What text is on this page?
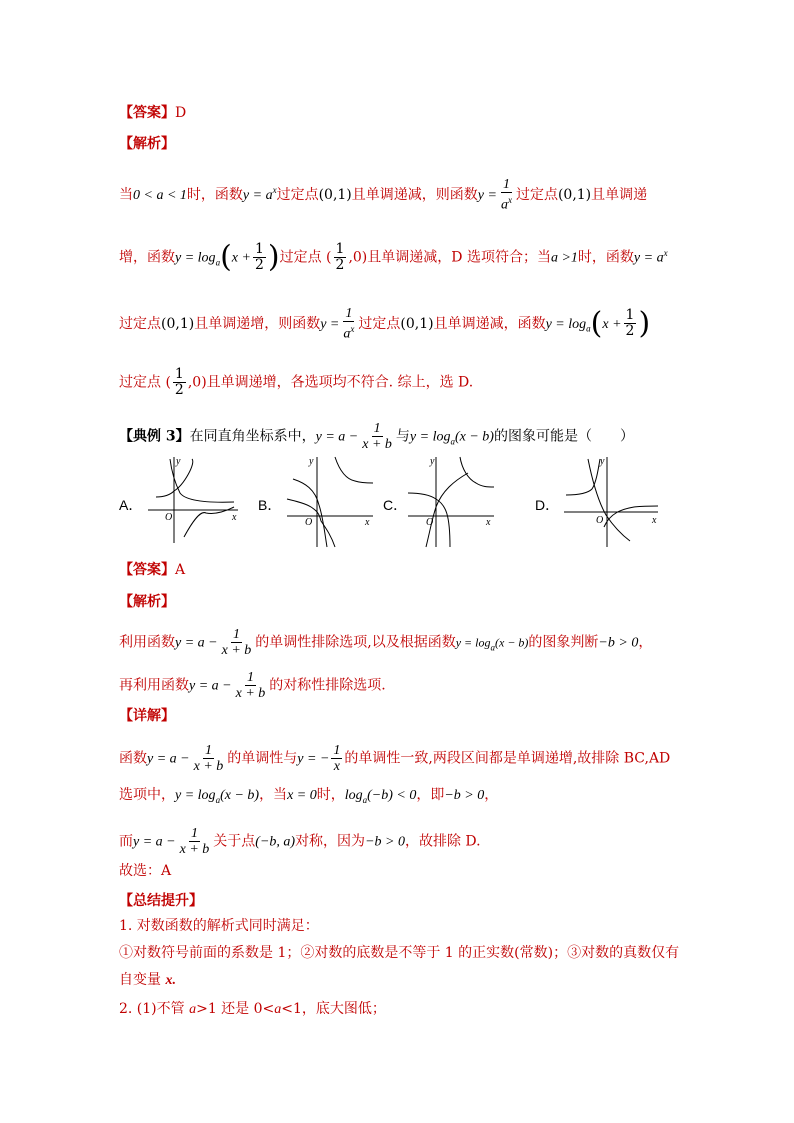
【答案】D
【解析】
当0 < a < 1时，函数$y = a^x$过定点(0,1)且单调递减，则函数$y = \frac{1}{a^x}$ 过定点(0,1)且单调递
增，函数$y = \log_a(x + \frac{1}{2}$ )过定点 ( $\frac{1}{2} ,0$)且单调递减，D 选项符合；当a >1时，函数$y = a^x$
过定点(0,1)且单调递增，则函数$y = \frac{1}{a^x}$ 过定点(0,1)且单调递减，函数$y = \log_a(x + \frac{1}{2}$ )
过定点 ( $\frac{1}{2} ,0$)且单调递增，各选项均不符合. 综上，选 D.
【典例 3】在同直角坐标系中，$y = a - \frac{1}{x + b}$ 与$y = \log_a(x - b)$的图象可能是（　　）
A．	B．	C．	D．
y
x
O
y
x
O
y
x
O
y
x
O
【答案】A
【解析】
利用函数$y = a - \frac{1}{x + b}$ 的单调性排除选项,以及根据函数$y = \log_a(x - b)$的图象判断−b > 0，
再利用函数$y = a - \frac{1}{x + b}$ 的对称性排除选项.
【详解】
函数$y = a - \frac{1}{x + b}$ 的单调性与y = − $\frac{1}{x}$ 的单调性一致,两段区间都是单调递增,故排除 BC,AD
选项中，$y = \log_a(x - b)$，当x = 0时，$\log_a(-b) < 0$，即−b > 0，
而$y = a - \frac{1}{x + b}$ 关于点(−b, a)对称，因为−b > 0，故排除 D.
故选：A
【总结提升】
1. 对数函数的解析式同时满足：
①对数符号前面的系数是 1；②对数的底数是不等于 1 的正实数(常数)；③对数的真数仅有
自变量 x.
2. (1)不管 a>1 还是 0<a<1，底大图低；
